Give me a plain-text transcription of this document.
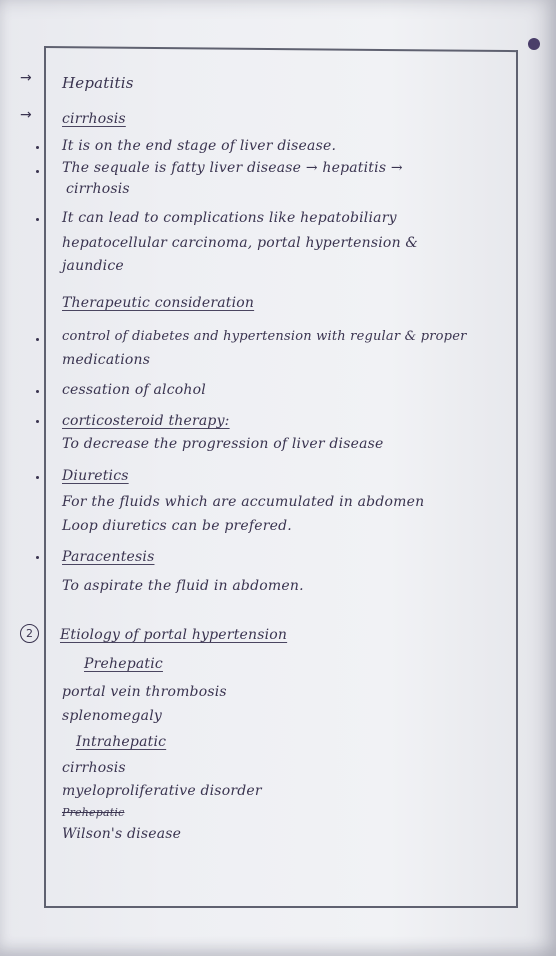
→
→
Hepatitis
cirrhosis
It is on the end stage of liver disease.
The sequale is fatty liver disease → hepatitis →
cirrhosis
It can lead to complications like hepatobiliary
hepatocellular carcinoma, portal hypertension &
jaundice
Therapeutic consideration
control of diabetes and hypertension with regular & proper
medications
cessation of alcohol
corticosteroid therapy:
To decrease the progression of liver disease
Diuretics
For the fluids which are accumulated in abdomen
Loop diuretics can be prefered.
Paracentesis
To aspirate the fluid in abdomen.
2	Etiology of portal hypertension
Prehepatic
portal vein thrombosis
splenomegaly
Intrahepatic
cirrhosis
myeloproliferative disorder
Prehepatic
Wilson's disease
